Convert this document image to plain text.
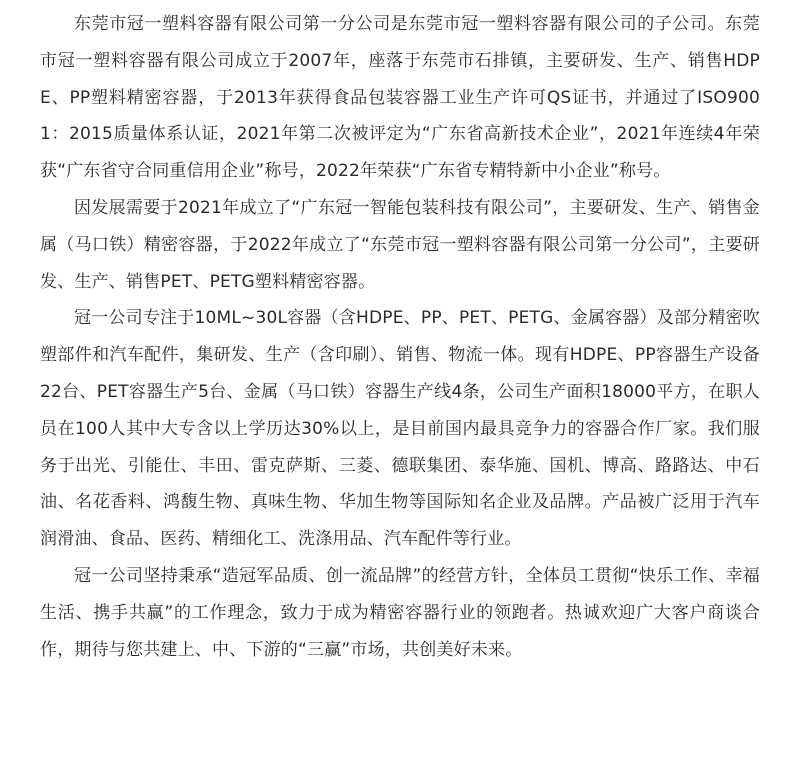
东莞市冠一塑料容器有限公司第一分公司是东莞市冠一塑料容器有限公司的子公司。东莞市冠一塑料容器有限公司成立于2007年，座落于东莞市石排镇，主要研发、生产、销售HDPE、PP塑料精密容器，于2013年获得食品包装容器工业生产许可QS证书，并通过了ISO9001：2015质量体系认证，2021年第二次被评定为“广东省高新技术企业”，2021年连续4年荣获“广东省守合同重信用企业”称号，2022年荣获“广东省专精特新中小企业”称号。

因发展需要于2021年成立了“广东冠一智能包装科技有限公司”，主要研发、生产、销售金属（马口铁）精密容器，于2022年成立了“东莞市冠一塑料容器有限公司第一分公司”，主要研发、生产、销售PET、PETG塑料精密容器。

冠一公司专注于10ML~30L容器（含HDPE、PP、PET、PETG、金属容器）及部分精密吹塑部件和汽车配件，集研发、生产（含印刷）、销售、物流一体。现有HDPE、PP容器生产设备22台、PET容器生产5台、金属（马口铁）容器生产线4条，公司生产面积18000平方，在职人员在100人其中大专含以上学历达30%以上，是目前国内最具竞争力的容器合作厂家。我们服务于出光、引能仕、丰田、雷克萨斯、三菱、德联集团、泰华施、国机、博高、路路达、中石油、名花香料、鸿馥生物、真味生物、华加生物等国际知名企业及品牌。产品被广泛用于汽车润滑油、食品、医药、精细化工、洗涤用品、汽车配件等行业。

冠一公司坚持秉承“造冠军品质、创一流品牌”的经营方针，全体员工贯彻“快乐工作、幸福生活、携手共赢”的工作理念，致力于成为精密容器行业的领跑者。热诚欢迎广大客户商谈合作，期待与您共建上、中、下游的“三赢”市场，共创美好未来。
